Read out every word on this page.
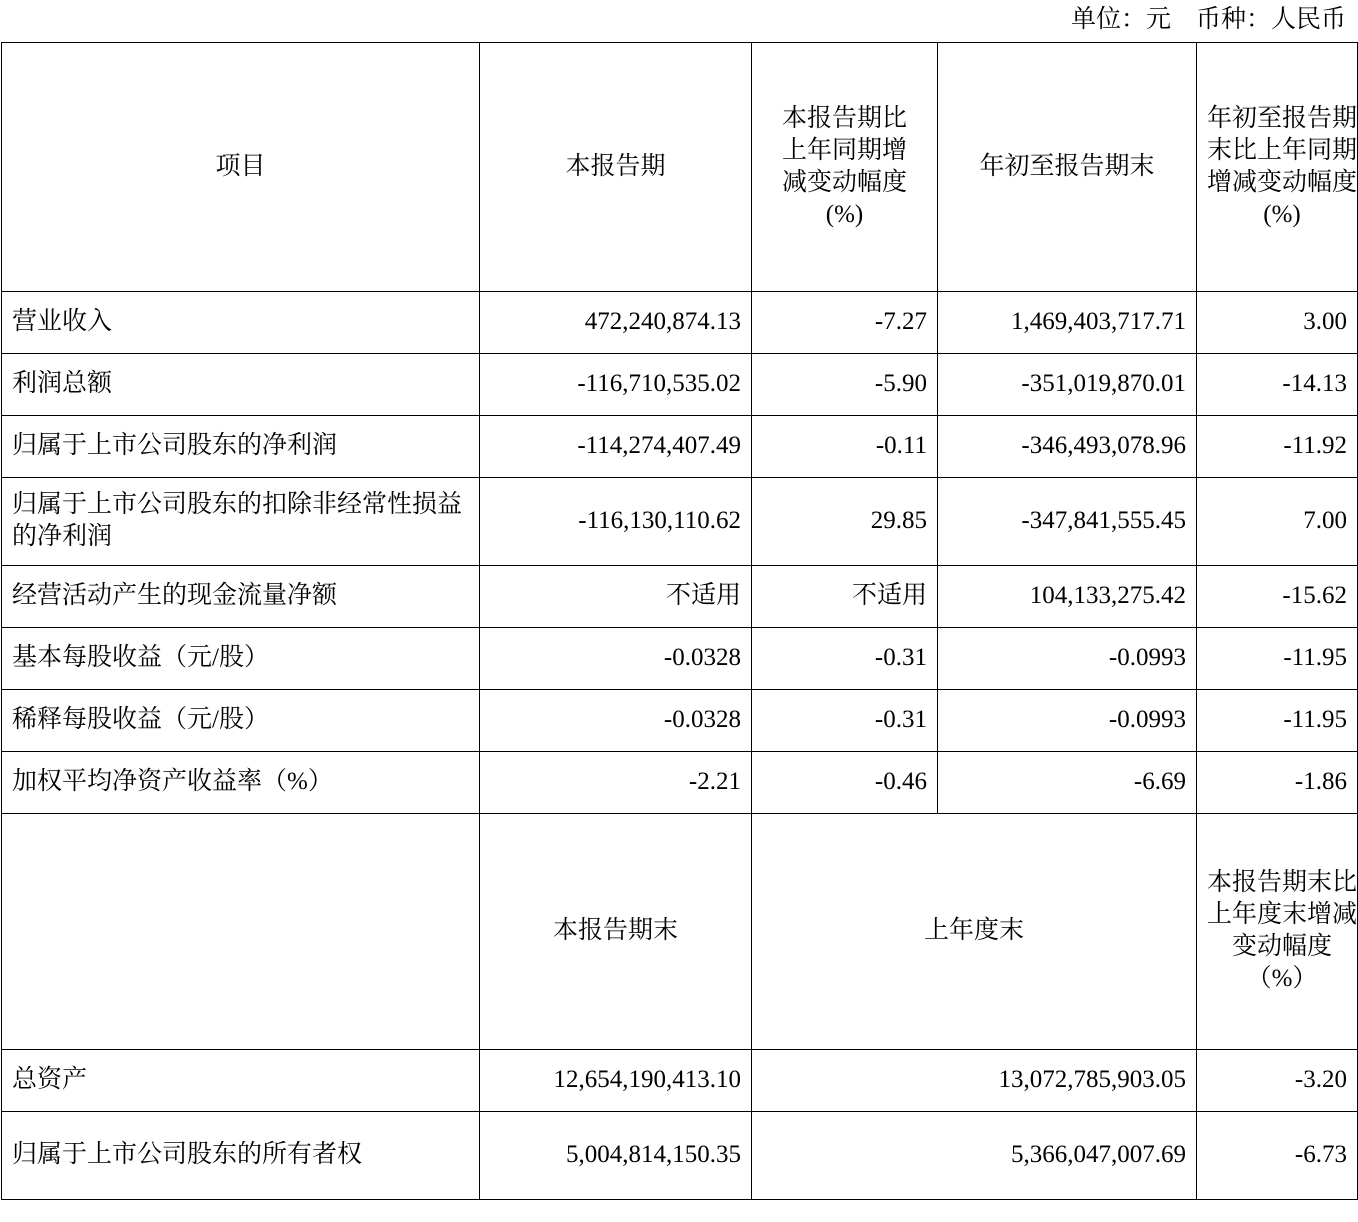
单位：元    币种：人民币
项目	本报告期	本报告期比上年同期增减变动幅度(%)	年初至报告期末	年初至报告期末比上年同期增减变动幅度(%)

营业收入	472,240,874.13	-7.27	1,469,403,717.71	3.00
利润总额	-116,710,535.02	-5.90	-351,019,870.01	-14.13
归属于上市公司股东的净利润	-114,274,407.49	-0.11	-346,493,078.96	-11.92
归属于上市公司股东的扣除非经常性损益的净利润	-116,130,110.62	29.85	-347,841,555.45	7.00
经营活动产生的现金流量净额	不适用	不适用	104,133,275.42	-15.62
基本每股收益（元/股）	-0.0328	-0.31	-0.0993	-11.95
稀释每股收益（元/股）	-0.0328	-0.31	-0.0993	-11.95
加权平均净资产收益率（%）	-2.21	-0.46	-6.69	-1.86
	本报告期末	上年度末		本报告期末比上年度末增减变动幅度（%）

总资产	12,654,190,413.10	13,072,785,903.05		-3.20
归属于上市公司股东的所有者权	5,004,814,150.35	5,366,047,007.69		-6.73
